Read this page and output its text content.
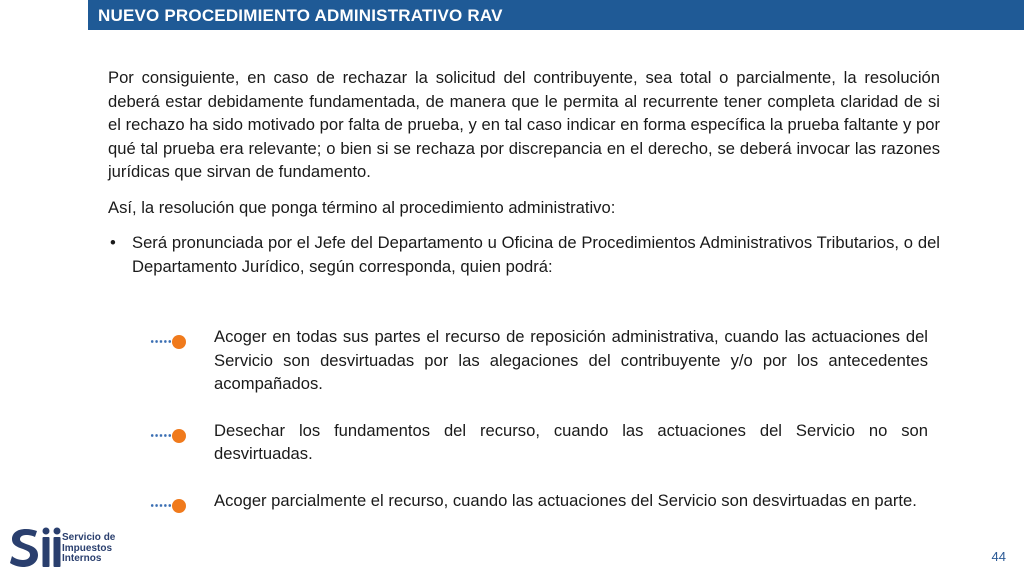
NUEVO PROCEDIMIENTO ADMINISTRATIVO RAV

Por consiguiente, en caso de rechazar la solicitud del contribuyente, sea total o parcialmente, la resolución deberá estar debidamente fundamentada, de manera que le permita al recurrente tener completa claridad de si el rechazo ha sido motivado por falta de prueba, y en tal caso indicar en forma específica la prueba faltante y por qué tal prueba era relevante; o bien si se rechaza por discrepancia en el derecho, se deberá invocar las razones jurídicas que sirvan de fundamento.

Así, la resolución que ponga término al procedimiento administrativo:

• Será pronunciada por el Jefe del Departamento u Oficina de Procedimientos Administrativos Tributarios, o del Departamento Jurídico, según corresponda, quien podrá:
Acoger en todas sus partes el recurso de reposición administrativa, cuando las actuaciones del Servicio son desvirtuadas por las alegaciones del contribuyente y/o por los antecedentes acompañados.
Desechar los fundamentos del recurso, cuando las actuaciones del Servicio no son desvirtuadas.
Acoger parcialmente el recurso, cuando las actuaciones del Servicio son desvirtuadas en parte.
Servicio de
Impuestos
Internos	44
